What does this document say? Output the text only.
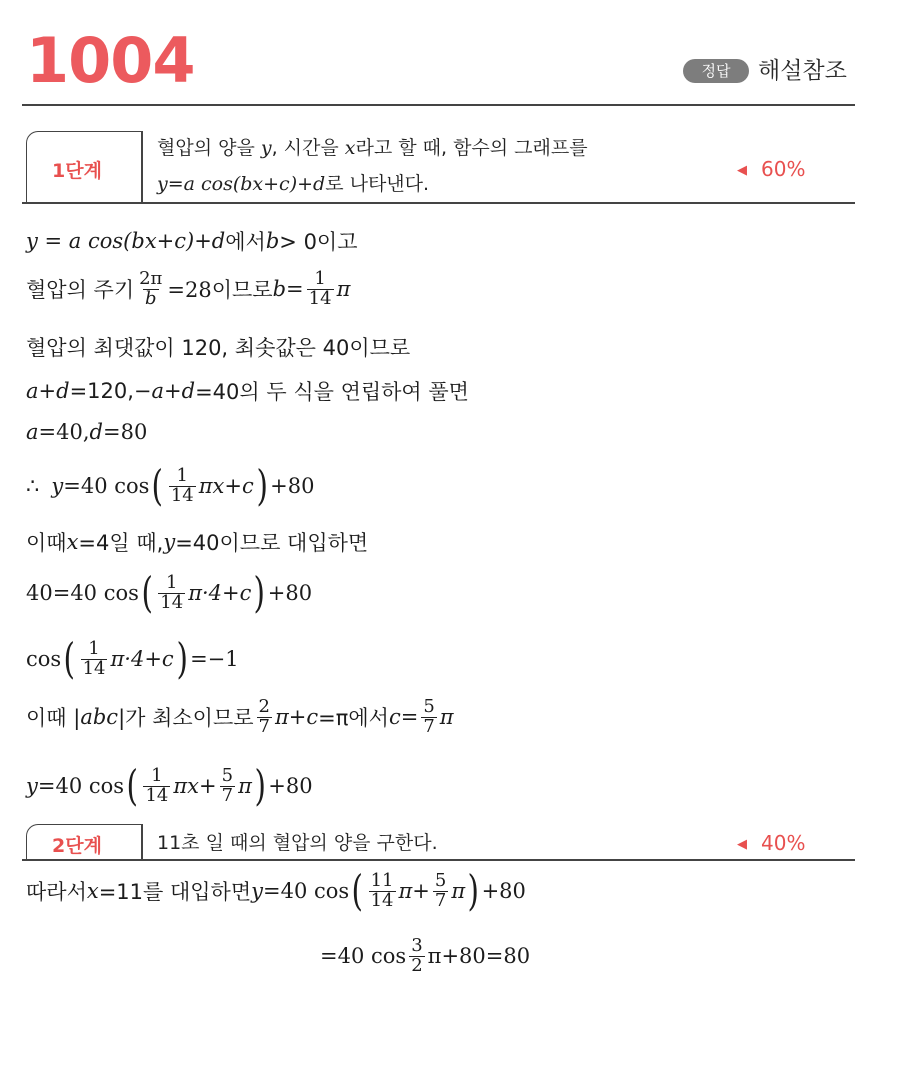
1004	정답	해설참조
1단계
혈압의 양을 y, 시간을 x라고 할 때, 함수의 그래프를
y=a cos(bx+c)+d로 나타낸다.
◀ 60%
y = a cos(bx+c)+d 에서 b > 0이고
혈압의 주기 $\frac{2\pi}{b} =28$이므로 $b = \frac{1}{14}$ π
혈압의 최댓값이 120, 최솟값은 40이므로
a+d =120, −a+d =40의 두 식을 연립하여 풀면
a =40, d =80
∴ y =40 cos ( $\frac{1}{14} \pi x+c$ ) +80
이때 x =4일 때, y =40이므로 대입하면
40=40 cos ( $\frac{1}{14} \pi\cdot 4+c$ ) +80
cos ( $\frac{1}{14} \pi\cdot 4+c$ ) =−1
이때 | abc |가 최소이므로 $\frac{2}{7} \pi+ c =\pi$에서 $c = \frac{5}{7}$ π
y =40 cos ( $\frac{1}{14} \pi x+ \frac{5}{7}$ π ) +80
2단계	11초 일 때의 혈압의 양을 구한다.	◀ 40%
따라서 x =11를 대입하면 y =40 cos ( $\frac{11}{14} \pi+ \frac{5}{7}$ π ) +80
=40 $\cos \frac{3}{2} \pi+80=80$
